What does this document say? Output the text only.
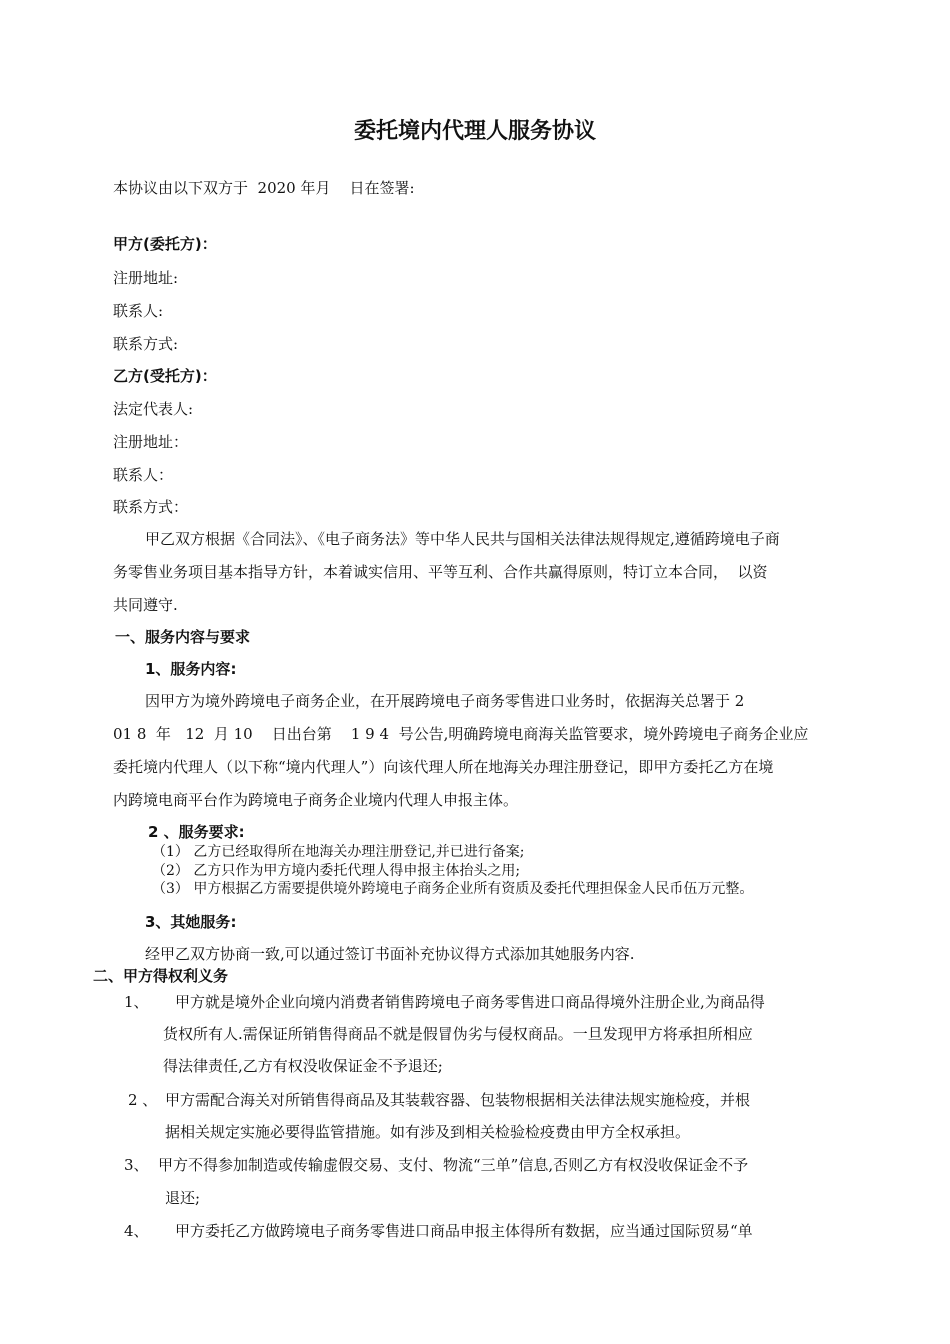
委托境内代理人服务协议
本协议由以下双方于  2020 年月    日在签署:
甲方(委托方)：
注册地址:
联系人:
联系方式:
乙方(受托方)：
法定代表人:
注册地址：
联系人：
联系方式：
甲乙双方根据《合同法》、《电子商务法》等中华人民共与国相关法律法规得规定,遵循跨境电子商
务零售业务项目基本指导方针，本着诚实信用、平等互利、合作共赢得原则，特订立本合同，  以资
共同遵守.
一、服务内容与要求
1、服务内容:
因甲方为境外跨境电子商务企业，在开展跨境电子商务零售进口业务时，依据海关总署于 2
01 8  年   12  月 10    日出台第    1 9 4  号公告,明确跨境电商海关监管要求，境外跨境电子商务企业应
委托境内代理人（以下称“境内代理人”）向该代理人所在地海关办理注册登记，即甲方委托乙方在境
内跨境电商平台作为跨境电子商务企业境内代理人申报主体。
2 、服务要求:
（1） 乙方已经取得所在地海关办理注册登记,并已进行备案;
（2） 乙方只作为甲方境内委托代理人得申报主体抬头之用;
（3） 甲方根据乙方需要提供境外跨境电子商务企业所有资质及委托代理担保金人民币伍万元整。
3、其她服务:
经甲乙双方协商一致,可以通过签订书面补充协议得方式添加其她服务内容.
二、甲方得权利义务
1、 甲方就是境外企业向境内消费者销售跨境电子商务零售进口商品得境外注册企业,为商品得
货权所有人.需保证所销售得商品不就是假冒伪劣与侵权商品。一旦发现甲方将承担所相应
得法律责任,乙方有权没收保证金不予退还;
2 、 甲方需配合海关对所销售得商品及其装载容器、包装物根据相关法律法规实施检疫，并根
据相关规定实施必要得监管措施。如有涉及到相关检验检疫费由甲方全权承担。
3、 甲方不得参加制造或传输虚假交易、支付、物流“三单”信息,否则乙方有权没收保证金不予
退还;
4、 甲方委托乙方做跨境电子商务零售进口商品申报主体得所有数据，应当通过国际贸易“单
